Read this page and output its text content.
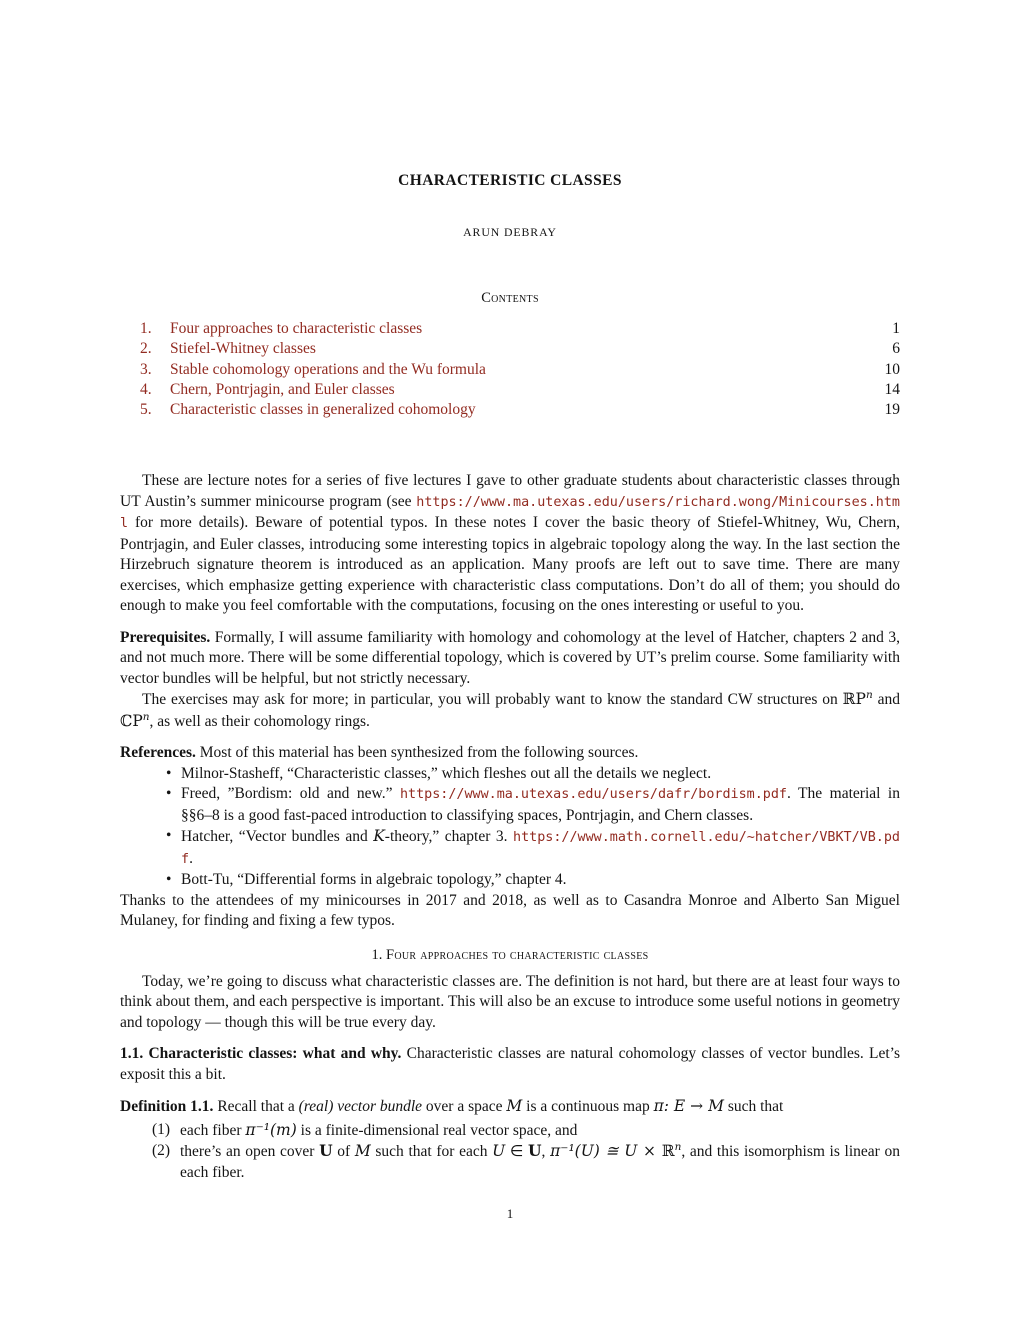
CHARACTERISTIC CLASSES
ARUN DEBRAY
Contents
1.	Four approaches to characteristic classes	1
2.	Stiefel-Whitney classes	6
3.	Stable cohomology operations and the Wu formula	10
4.	Chern, Pontrjagin, and Euler classes	14
5.	Characteristic classes in generalized cohomology	19

These are lecture notes for a series of five lectures I gave to other graduate students about characteristic classes through UT Austin’s summer minicourse program (see https://www.ma.utexas.edu/users/richard.wong/Minicourses.html for more details). Beware of potential typos. In these notes I cover the basic theory of Stiefel-Whitney, Wu, Chern, Pontrjagin, and Euler classes, introducing some interesting topics in algebraic topology along the way. In the last section the Hirzebruch signature theorem is introduced as an application. Many proofs are left out to save time. There are many exercises, which emphasize getting experience with characteristic class computations. Don’t do all of them; you should do enough to make you feel comfortable with the computations, focusing on the ones interesting or useful to you.

Prerequisites. Formally, I will assume familiarity with homology and cohomology at the level of Hatcher, chapters 2 and 3, and not much more. There will be some differential topology, which is covered by UT’s prelim course. Some familiarity with vector bundles will be helpful, but not strictly necessary.

The exercises may ask for more; in particular, you will probably want to know the standard CW structures on ℝP$^n$ and ℂP$^n$, as well as their cohomology rings.

References. Most of this material has been synthesized from the following sources.

• Milnor-Stasheff, “Characteristic classes,” which fleshes out all the details we neglect.
• Freed, ”Bordism: old and new.” https://www.ma.utexas.edu/users/dafr/bordism.pdf. The material in §§6–8 is a good fast-paced introduction to classifying spaces, Pontrjagin, and Chern classes.
• Hatcher, “Vector bundles and K-theory,” chapter 3. https://www.math.cornell.edu/~hatcher/VBKT/VB.pdf.
• Bott-Tu, “Differential forms in algebraic topology,” chapter 4.

Thanks to the attendees of my minicourses in 2017 and 2018, as well as to Casandra Monroe and Alberto San Miguel Mulaney, for finding and fixing a few typos.

1. Four approaches to characteristic classes

Today, we’re going to discuss what characteristic classes are. The definition is not hard, but there are at least four ways to think about them, and each perspective is important. This will also be an excuse to introduce some useful notions in geometry and topology — though this will be true every day.

1.1. Characteristic classes: what and why. Characteristic classes are natural cohomology classes of vector bundles. Let’s exposit this a bit.

Definition 1.1. Recall that a (real) vector bundle over a space M is a continuous map π: E → M such that

(1) each fiber π⁻¹(m) is a finite-dimensional real vector space, and
(2) there’s an open cover U of M such that for each U ∈ U, π⁻¹(U) ≅ U × ℝ$^n$, and this isomorphism is linear on each fiber.
1
